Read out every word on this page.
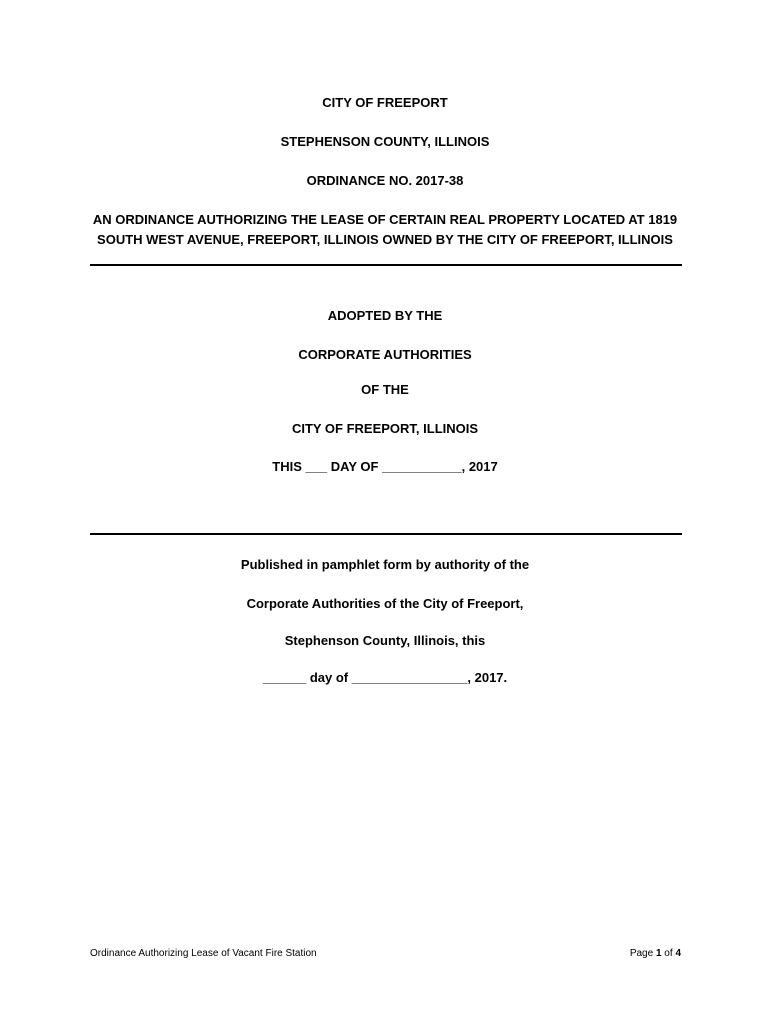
CITY OF FREEPORT
STEPHENSON COUNTY, ILLINOIS
ORDINANCE NO. 2017-38
AN ORDINANCE AUTHORIZING THE LEASE OF CERTAIN REAL PROPERTY LOCATED AT 1819
SOUTH WEST AVENUE, FREEPORT, ILLINOIS OWNED BY THE CITY OF FREEPORT, ILLINOIS
ADOPTED BY THE
CORPORATE AUTHORITIES
OF THE
CITY OF FREEPORT, ILLINOIS
THIS ___ DAY OF ___________, 2017
Published in pamphlet form by authority of the
Corporate Authorities of the City of Freeport,
Stephenson County, Illinois, this
______ day of ________________, 2017.
Ordinance Authorizing Lease of Vacant Fire Station	Page 1 of 4
